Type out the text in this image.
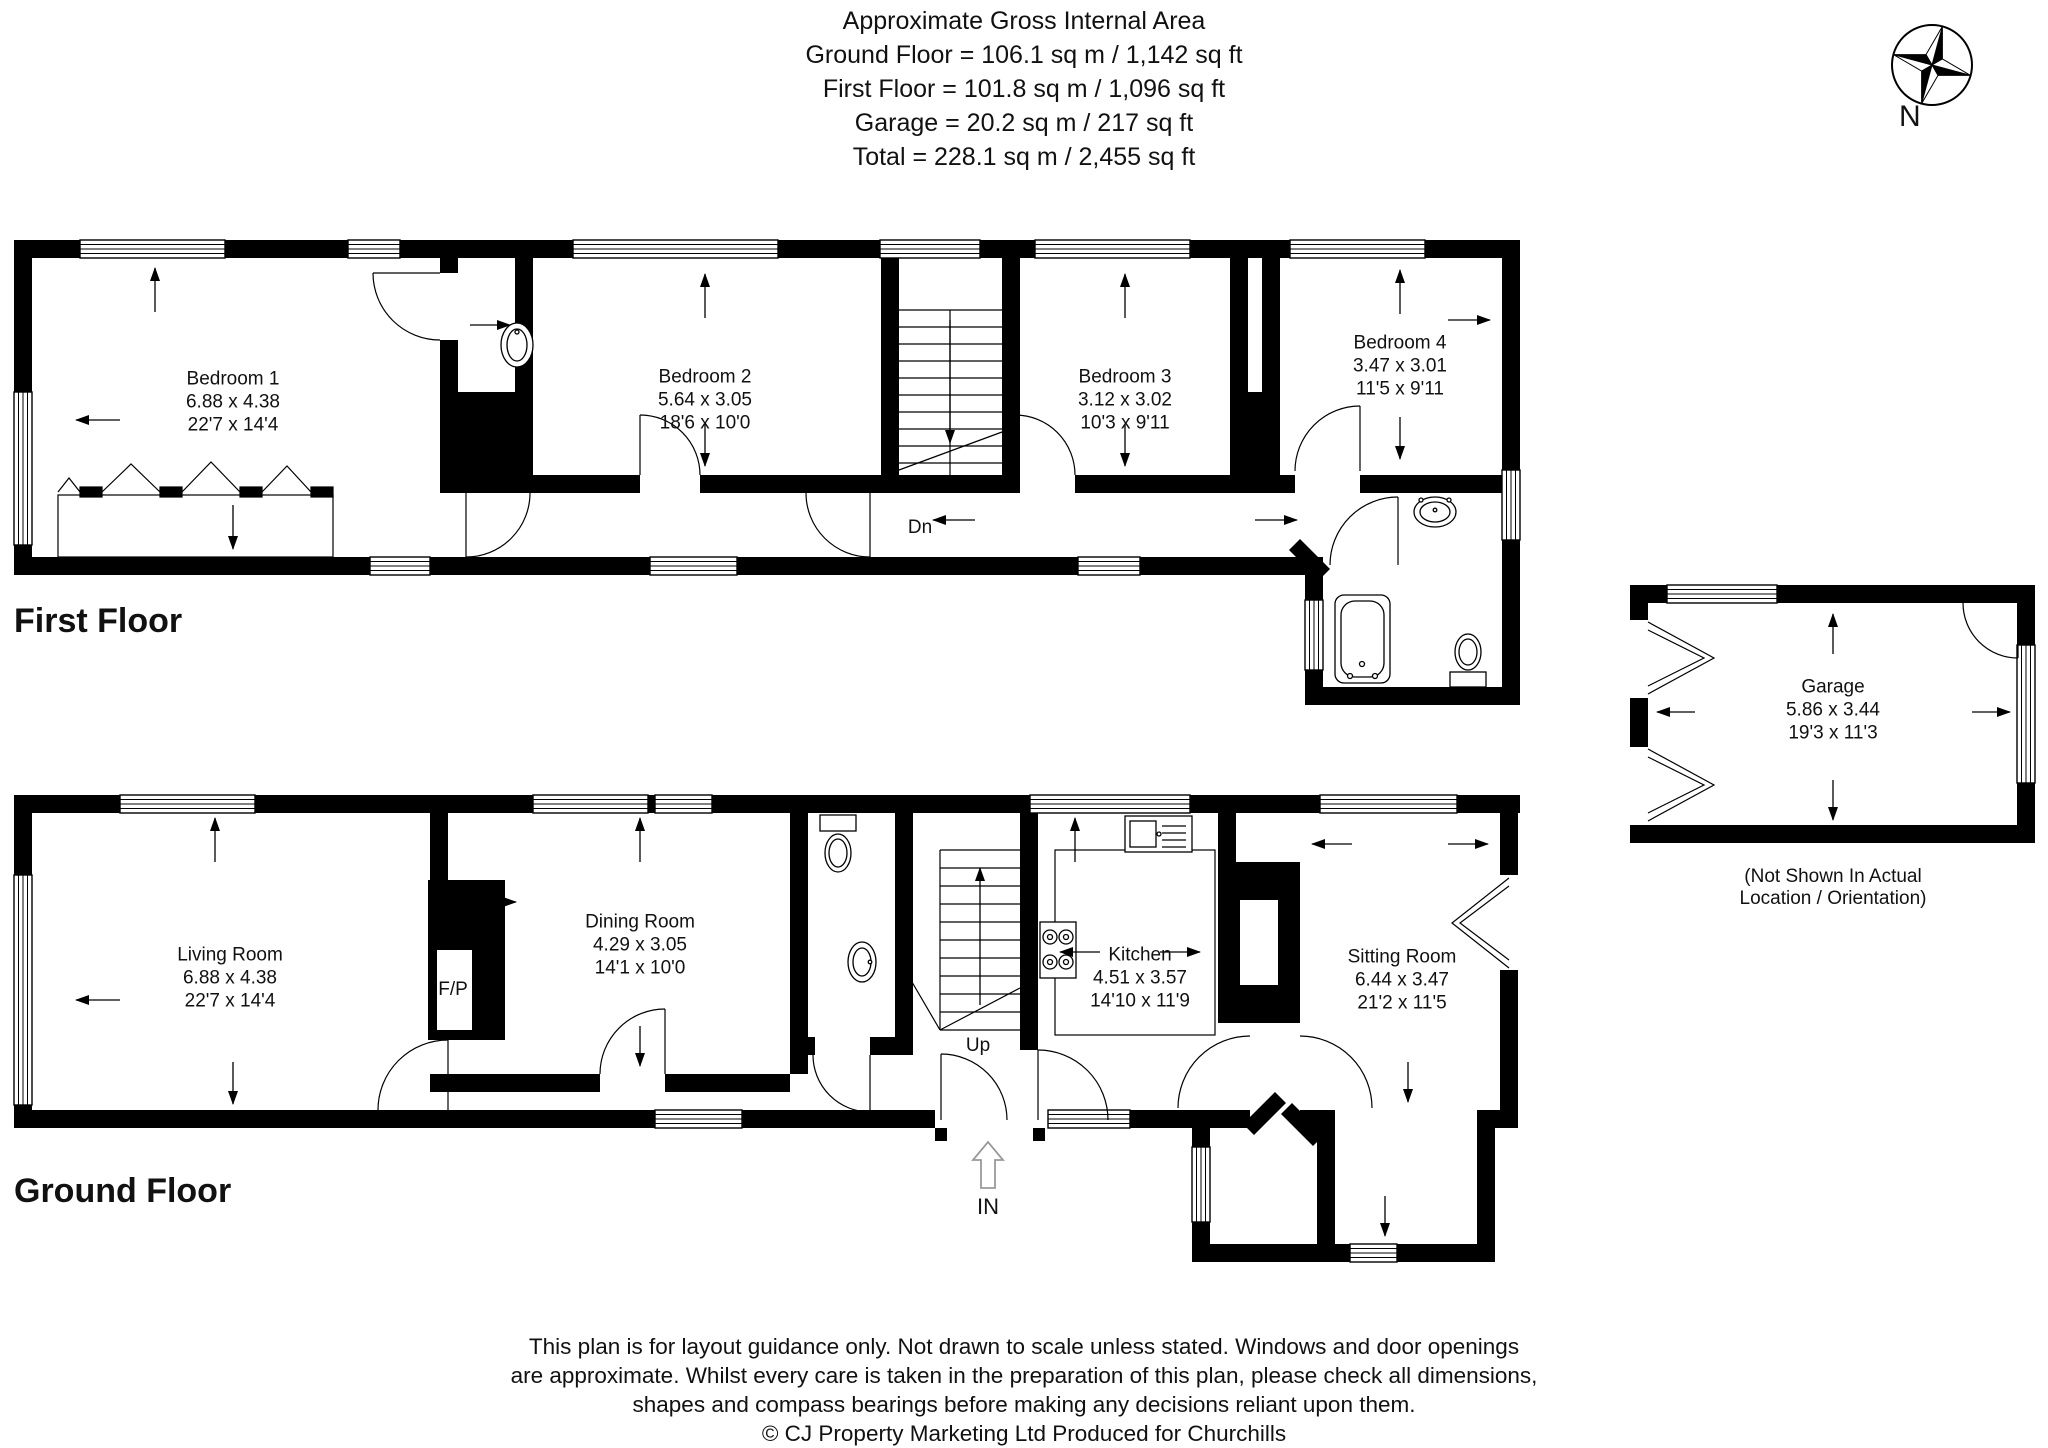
Approximate Gross Internal Area
Ground Floor = 106.1 sq m / 1,142 sq ft
First Floor = 101.8 sq m / 1,096 sq ft
Garage = 20.2 sq m / 217 sq ft
Total = 228.1 sq m / 2,455 sq ft
N
First Floor
Ground Floor
Bedroom 1
6.88 x 4.38
22'7 x 14'4
Bedroom 2
5.64 x 3.05
18'6 x 10'0
Bedroom 3
3.12 x 3.02
10'3 x 9'11
Bedroom 4
3.47 x 3.01
11'5 x 9'11
Dn
Living Room
6.88 x 4.38
22'7 x 14'4
Dining Room
4.29 x 3.05
14'1 x 10'0
Kitchen
4.51 x 3.57
14'10 x 11'9
Sitting Room
6.44 x 3.47
21'2 x 11'5
F/P
Up
IN
Garage
5.86 x 3.44
19'3 x 11'3
(Not Shown In Actual
Location / Orientation)
This plan is for layout guidance only. Not drawn to scale unless stated. Windows and door openings
are approximate. Whilst every care is taken in the preparation of this plan, please check all dimensions,
shapes and compass bearings before making any decisions reliant upon them.
© CJ Property Marketing Ltd Produced for Churchills
